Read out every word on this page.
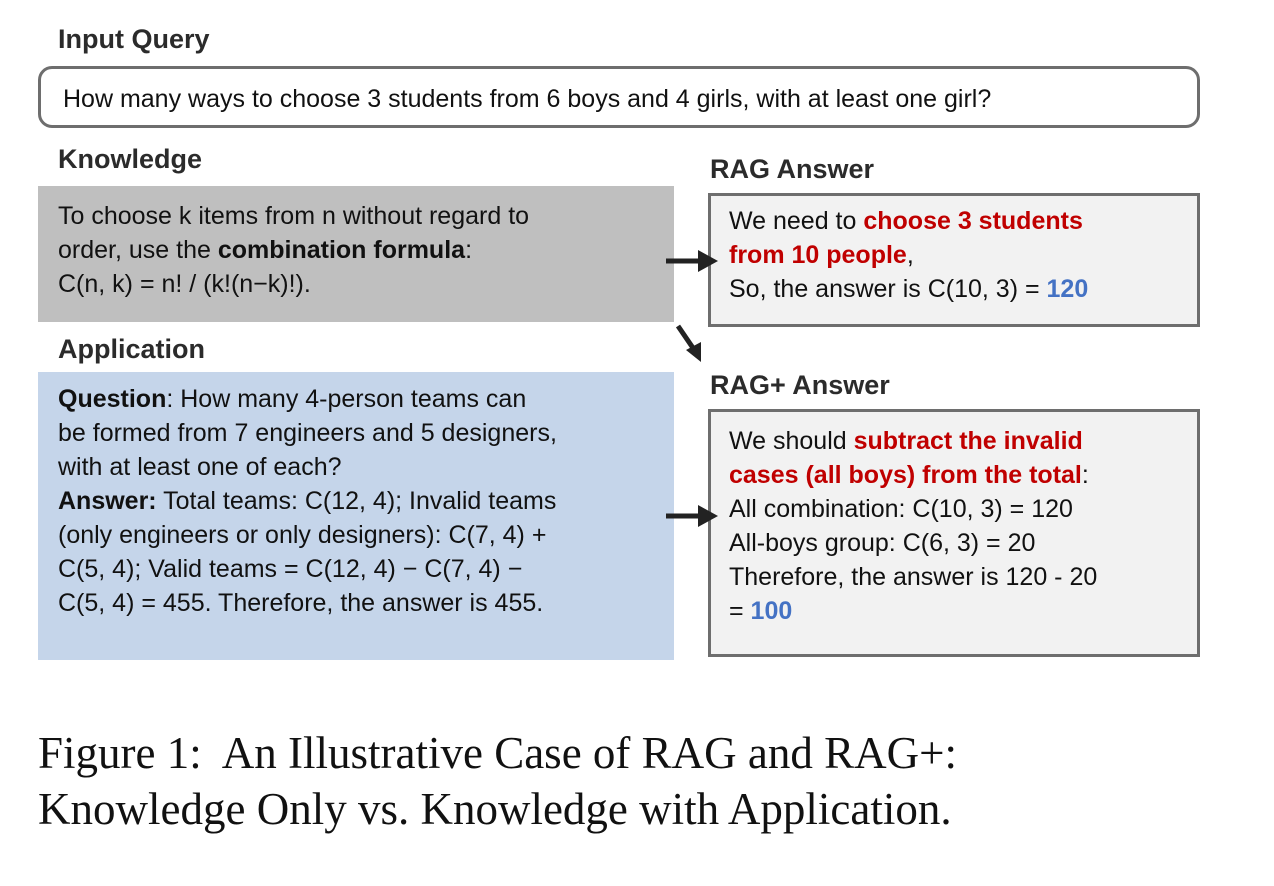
Input Query
How many ways to choose 3 students from 6 boys and 4 girls, with at least one girl?
Knowledge
To choose k items from n without regard to
order, use the combination formula:
C(n, k) = n! / (k!(n−k)!).
Application
Question: How many 4-person teams can
be formed from 7 engineers and 5 designers,
with at least one of each?
Answer: Total teams: C(12, 4); Invalid teams
(only engineers or only designers): C(7, 4) +
C(5, 4); Valid teams = C(12, 4) − C(7, 4) −
C(5, 4) = 455. Therefore, the answer is 455.
RAG Answer
We need to choose 3 students
from 10 people,
So, the answer is C(10, 3) = 120
RAG+ Answer
We should subtract the invalid
cases (all boys) from the total:
All combination: C(10, 3) = 120
All-boys group: C(6, 3) = 20
Therefore, the answer is 120 - 20
= 100
Figure 1:  An Illustrative Case of RAG and RAG+:
Knowledge Only vs. Knowledge with Application.
